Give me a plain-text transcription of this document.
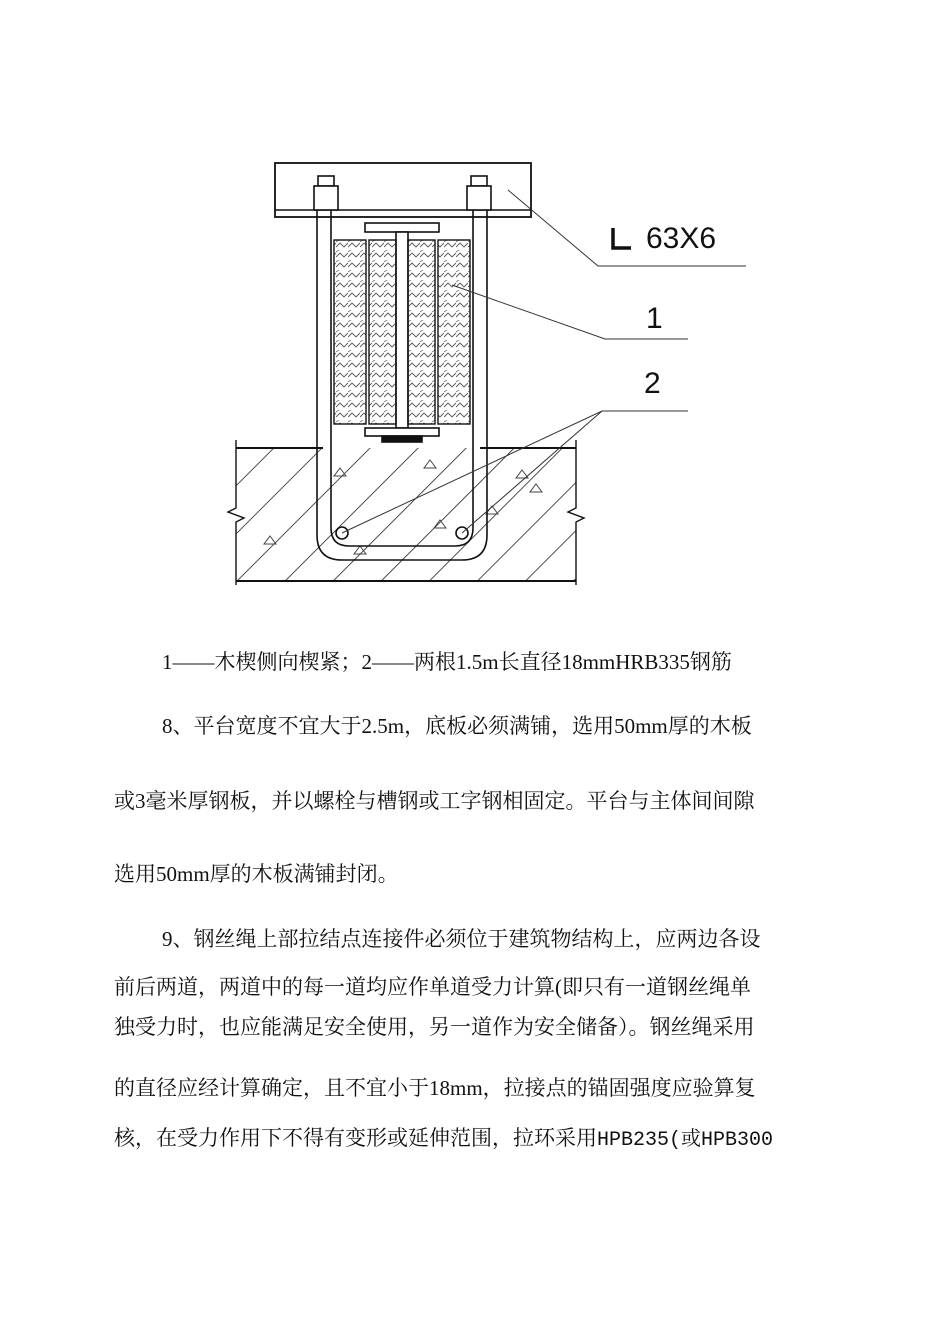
63X6
1
2
1——木楔侧向楔紧；2——两根1.5m长直径18mmHRB335钢筋
8、平台宽度不宜大于2.5m，底板必须满铺，选用50mm厚的木板
或3毫米厚钢板，并以螺栓与槽钢或工字钢相固定。平台与主体间间隙
选用50mm厚的木板满铺封闭。
9、钢丝绳上部拉结点连接件必须位于建筑物结构上，应两边各设
前后两道，两道中的每一道均应作单道受力计算(即只有一道钢丝绳单
独受力时，也应能满足安全使用，另一道作为安全储备）。钢丝绳采用
的直径应经计算确定，且不宜小于18mm，拉接点的锚固强度应验算复
核，在受力作用下不得有变形或延伸范围，拉环采用HPB235(或HPB300
